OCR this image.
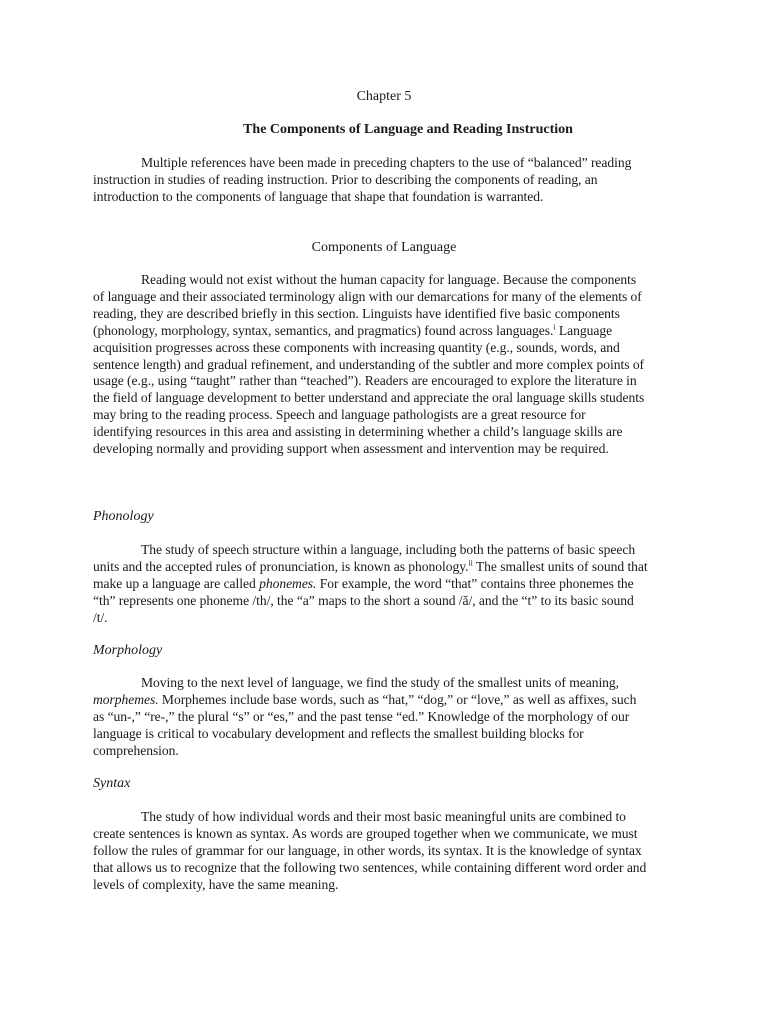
Chapter 5
The Components of Language and Reading Instruction

Multiple references have been made in preceding chapters to the use of “balanced” reading instruction in studies of reading instruction. Prior to describing the components of reading, an introduction to the components of language that shape that foundation is warranted.

Components of Language

Reading would not exist without the human capacity for language. Because the components of language and their associated terminology align with our demarcations for many of the elements of reading, they are described briefly in this section. Linguists have identified five basic components (phonology, morphology, syntax, semantics, and pragmatics) found across languages.$^i$ Language acquisition progresses across these components with increasing quantity (e.g., sounds, words, and sentence length) and gradual refinement, and understanding of the subtler and more complex points of usage (e.g., using “taught” rather than “teached”). Readers are encouraged to explore the literature in the field of language development to better understand and appreciate the oral language skills students may bring to the reading process. Speech and language pathologists are a great resource for identifying resources in this area and assisting in determining whether a child’s language skills are developing normally and providing support when assessment and intervention may be required.

Phonology

The study of speech structure within a language, including both the patterns of basic speech units and the accepted rules of pronunciation, is known as phonology.$^{ii}$ The smallest units of sound that make up a language are called phonemes. For example, the word “that” contains three phonemes the “th” represents one phoneme /th/, the “a” maps to the short a sound /ă/, and the “t” to its basic sound /t/.

Morphology

Moving to the next level of language, we find the study of the smallest units of meaning, morphemes. Morphemes include base words, such as “hat,” “dog,” or “love,” as well as affixes, such as “un-,” “re-,” the plural “s” or “es,” and the past tense “ed.” Knowledge of the morphology of our language is critical to vocabulary development and reflects the smallest building blocks for comprehension.

Syntax

The study of how individual words and their most basic meaningful units are combined to create sentences is known as syntax. As words are grouped together when we communicate, we must follow the rules of grammar for our language, in other words, its syntax. It is the knowledge of syntax that allows us to recognize that the following two sentences, while containing different word order and levels of complexity, have the same meaning.
